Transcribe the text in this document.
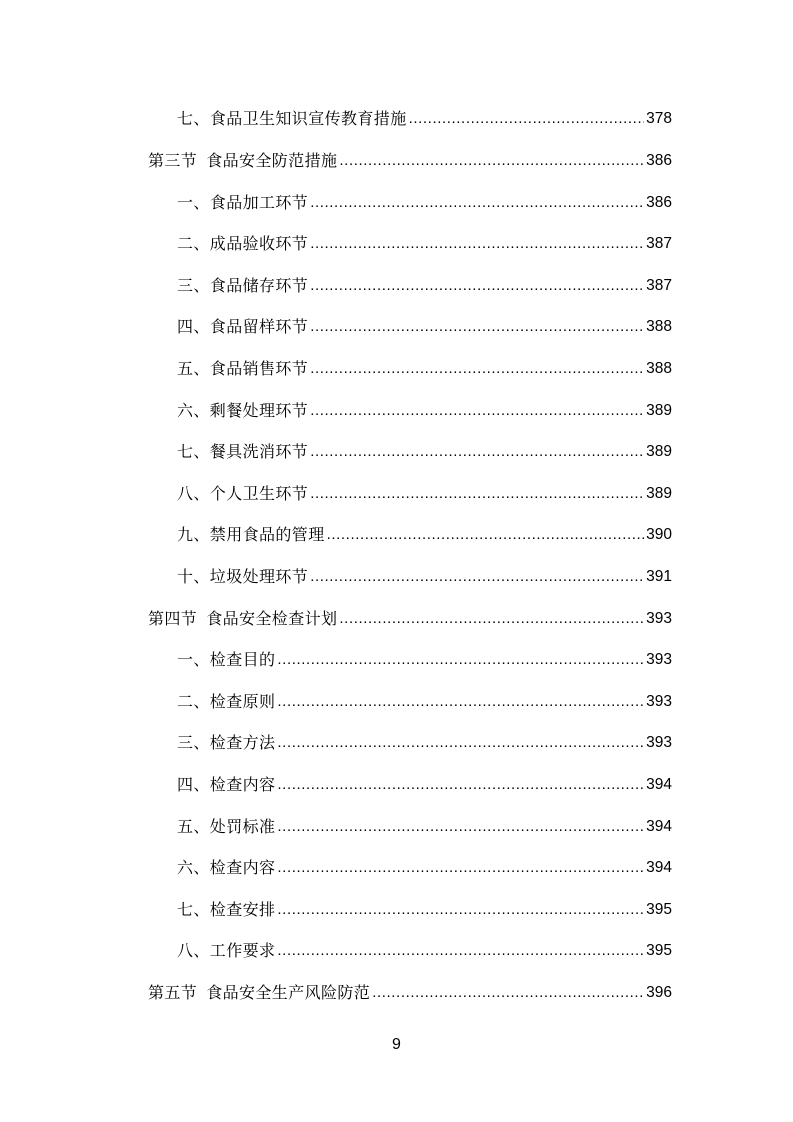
七、食品卫生知识宣传教育措施 .....	378
第三节 食品安全防范措施 .....	386
一、食品加工环节 .....	386
二、成品验收环节 .....	387
三、食品储存环节 .....	387
四、食品留样环节 .....	388
五、食品销售环节 .....	388
六、剩餐处理环节 .....	389
七、餐具洗消环节 .....	389
八、个人卫生环节 .....	389
九、禁用食品的管理 .....	390
十、垃圾处理环节 .....	391
第四节 食品安全检查计划 .....	393
一、检查目的 .....	393
二、检查原则 .....	393
三、检查方法 .....	393
四、检查内容 .....	394
五、处罚标准 .....	394
六、检查内容 .....	394
七、检查安排 .....	395
八、工作要求 .....	395
第五节 食品安全生产风险防范 .....	396
9
